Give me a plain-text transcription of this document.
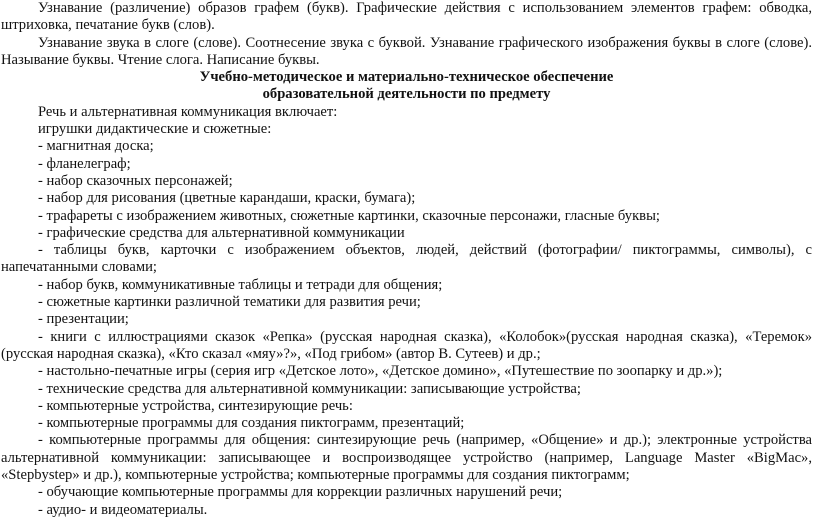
Узнавание (различение) образов графем (букв). Графические действия с использованием элементов графем: обводка, штриховка, печатание букв (слов).

Узнавание звука в слоге (слове). Соотнесение звука с буквой. Узнавание графического изображения буквы в слоге (слове). Называние буквы. Чтение слога. Написание буквы.

Учебно-методическое и материально-техническое обеспечение

образовательной деятельности по предмету

Речь и альтернативная коммуникация включает:

игрушки дидактические и сюжетные:

- магнитная доска;

- фланелеграф;

- набор сказочных персонажей;

- набор для рисования (цветные карандаши, краски, бумага);

- трафареты с изображением животных, сюжетные картинки, сказочные персонажи, гласные буквы;

- графические средства для альтернативной коммуникации

- таблицы букв, карточки с изображением объектов, людей, действий (фотографии/ пиктограммы, символы), с напечатанными словами;

- набор букв, коммуникативные таблицы и тетради для общения;

- сюжетные картинки различной тематики для развития речи;

- презентации;

- книги с иллюстрациями сказок «Репка» (русская народная сказка), «Колобок»(русская народная сказка), «Теремок» (русская народная сказка), «Кто сказал «мяу»?», «Под грибом» (автор В. Сутеев) и др.;

- настольно-печатные игры (серия игр «Детское лото», «Детское домино», «Путешествие по зоопарку и др.»);

- технические средства для альтернативной коммуникации: записывающие устройства;

- компьютерные устройства, синтезирующие речь:

- компьютерные программы для создания пиктограмм, презентаций;

- компьютерные программы для общения: синтезирующие речь (например, «Общение» и др.); электронные устройства альтернативной коммуникации: записывающее и воспроизводящее устройство (например, Language Master «BigMac», «Stepbystep» и др.), компьютерные устройства; компьютерные программы для создания пиктограмм;

- обучающие компьютерные программы для коррекции различных нарушений речи;

- аудио- и видеоматериалы.
